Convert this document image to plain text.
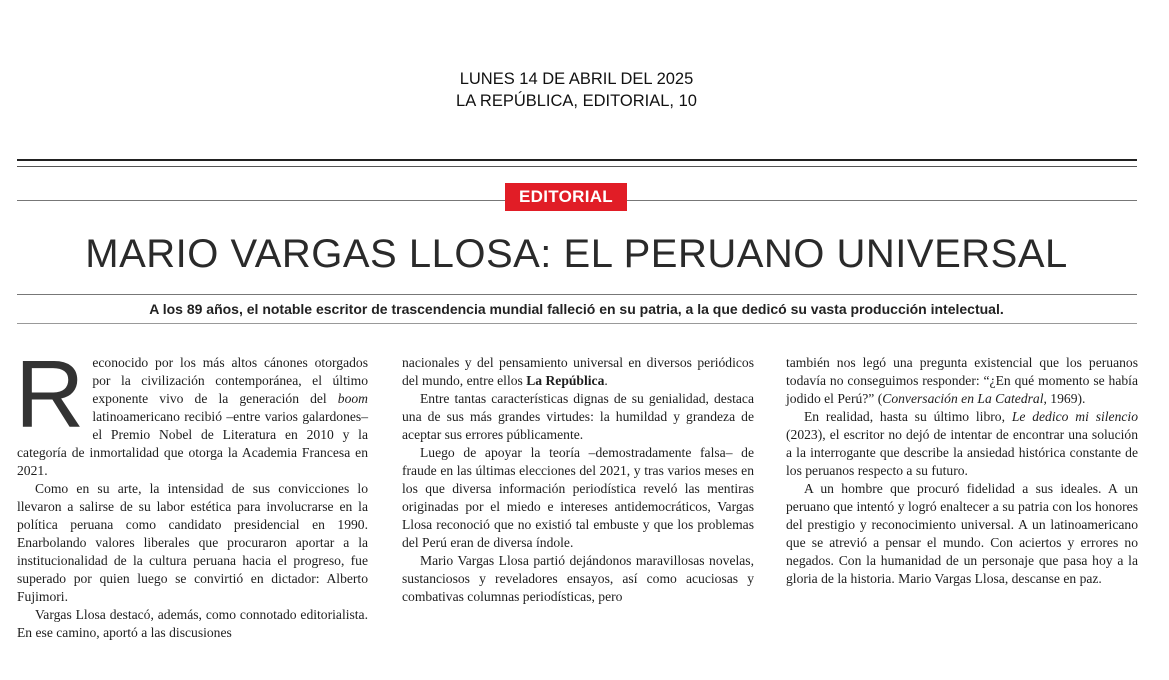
LUNES 14 DE ABRIL DEL 2025
LA REPÚBLICA, EDITORIAL, 10
EDITORIAL
MARIO VARGAS LLOSA: EL PERUANO UNIVERSAL
A los 89 años, el notable escritor de trascendencia mundial falleció en su patria, a la que dedicó su vasta producción intelectual.

Reconocido por los más altos cánones otorgados por la civilización contemporánea, el último exponente vivo de la generación del boom latinoamericano recibió –entre varios galardones– el Premio Nobel de Literatura en 2010 y la categoría de inmortalidad que otorga la Academia Francesa en 2021.

Como en su arte, la intensidad de sus convicciones lo llevaron a salirse de su labor estética para involucrarse en la política peruana como candidato presidencial en 1990. Enarbolando valores liberales que procuraron aportar a la institucionalidad de la cultura peruana hacia el progreso, fue superado por quien luego se convirtió en dictador: Alberto Fujimori.

Vargas Llosa destacó, además, como connotado editorialista. En ese camino, aportó a las discusiones

nacionales y del pensamiento universal en diversos periódicos del mundo, entre ellos La República.

Entre tantas características dignas de su genialidad, destaca una de sus más grandes virtudes: la humildad y grandeza de aceptar sus errores públicamente.

Luego de apoyar la teoría –demostradamente falsa– de fraude en las últimas elecciones del 2021, y tras varios meses en los que diversa información periodística reveló las mentiras originadas por el miedo e intereses antidemocráticos, Vargas Llosa reconoció que no existió tal embuste y que los problemas del Perú eran de diversa índole.

Mario Vargas Llosa partió dejándonos maravillosas novelas, sustanciosos y reveladores ensayos, así como acuciosas y combativas columnas periodísticas, pero

también nos legó una pregunta existencial que los peruanos todavía no conseguimos responder: “¿En qué momento se había jodido el Perú?” (Conversación en La Catedral, 1969).

En realidad, hasta su último libro, Le dedico mi silencio (2023), el escritor no dejó de intentar de encontrar una solución a la interrogante que describe la ansiedad histórica constante de los peruanos respecto a su futuro.

A un hombre que procuró fidelidad a sus ideales. A un peruano que intentó y logró enaltecer a su patria con los honores del prestigio y reconocimiento universal. A un latinoamericano que se atrevió a pensar el mundo. Con aciertos y errores no negados. Con la humanidad de un personaje que pasa hoy a la gloria de la historia. Mario Vargas Llosa, descanse en paz.
